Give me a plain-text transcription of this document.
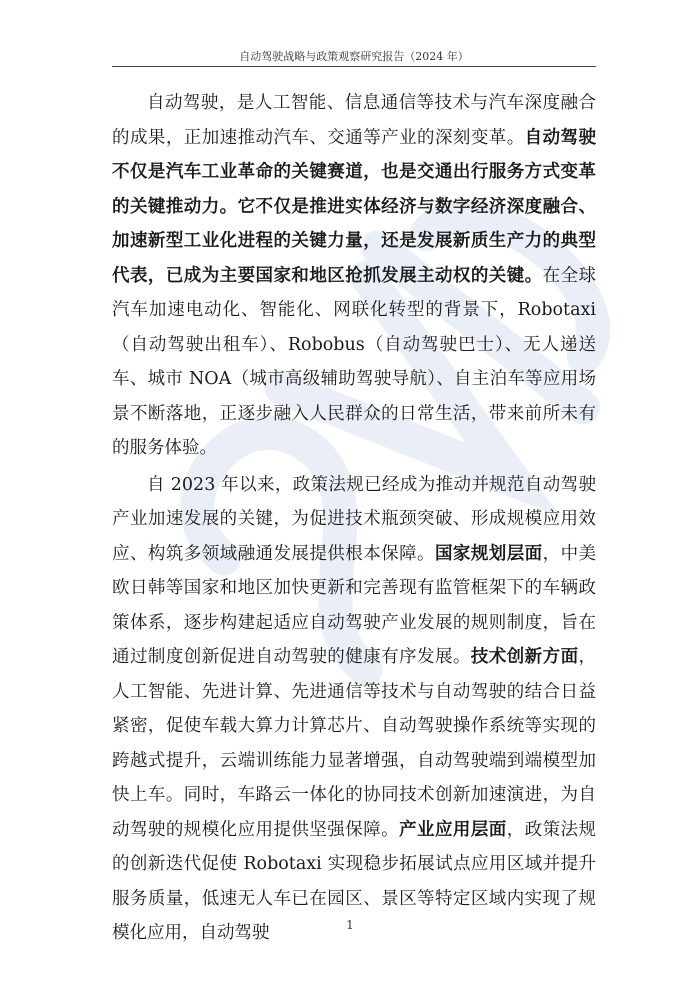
自动驾驶战略与政策观察研究报告（2024 年）

自动驾驶，是人工智能、信息通信等技术与汽车深度融合的成果，正加速推动汽车、交通等产业的深刻变革。自动驾驶不仅是汽车工业革命的关键赛道，也是交通出行服务方式变革的关键推动力。它不仅是推进实体经济与数字经济深度融合、加速新型工业化进程的关键力量，还是发展新质生产力的典型代表，已成为主要国家和地区抢抓发展主动权的关键。在全球汽车加速电动化、智能化、网联化转型的背景下，Robotaxi（自动驾驶出租车）、Robobus（自动驾驶巴士）、无人递送车、城市 NOA（城市高级辅助驾驶导航）、自主泊车等应用场景不断落地，正逐步融入人民群众的日常生活，带来前所未有的服务体验。

自 2023 年以来，政策法规已经成为推动并规范自动驾驶产业加速发展的关键，为促进技术瓶颈突破、形成规模应用效应、构筑多领域融通发展提供根本保障。国家规划层面，中美欧日韩等国家和地区加快更新和完善现有监管框架下的车辆政策体系，逐步构建起适应自动驾驶产业发展的规则制度，旨在通过制度创新促进自动驾驶的健康有序发展。技术创新方面，人工智能、先进计算、先进通信等技术与自动驾驶的结合日益紧密，促使车载大算力计算芯片、自动驾驶操作系统等实现的跨越式提升，云端训练能力显著增强，自动驾驶端到端模型加快上车。同时，车路云一体化的协同技术创新加速演进，为自动驾驶的规模化应用提供坚强保障。产业应用层面，政策法规的创新迭代促使 Robotaxi 实现稳步拓展试点应用区域并提升服务质量，低速无人车已在园区、景区等特定区域内实现了规模化应用，自动驾驶	1
